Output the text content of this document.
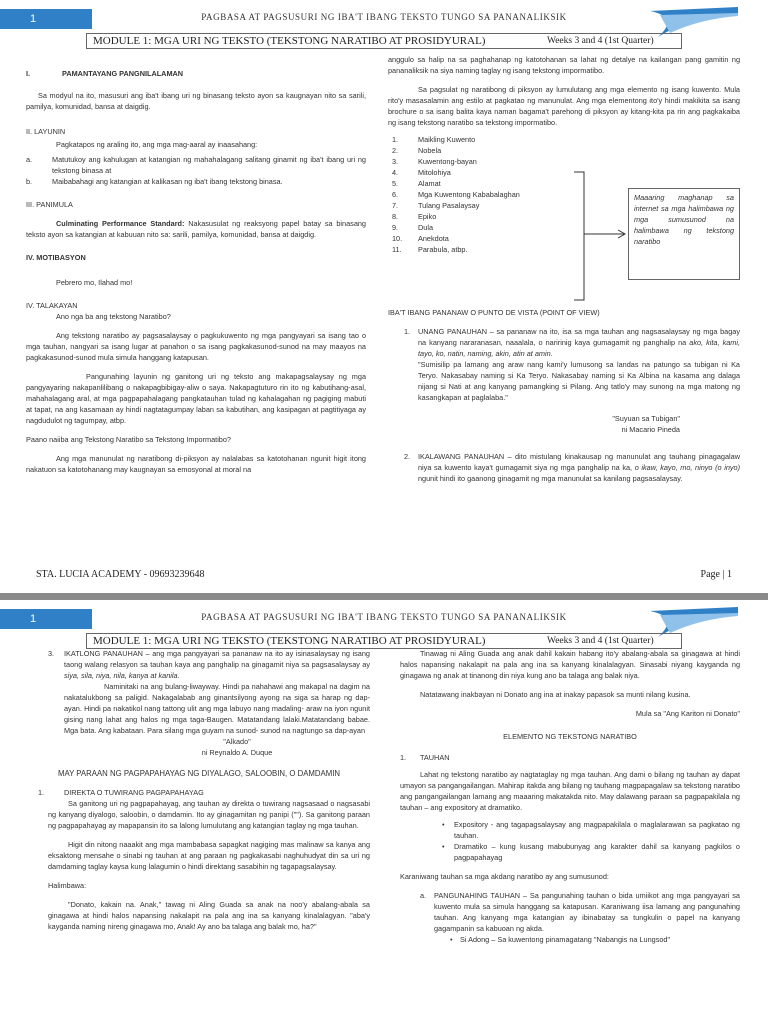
1	PAGBASA AT PAGSUSURI NG IBA'T IBANG TEKSTO TUNGO SA PANANALIKSIK
MODULE 1: MGA URI NG TEKSTO (TEKSTONG NARATIBO AT PROSIDYURAL)	Weeks 3 and 4 (1st Quarter)
I.	PAMANTAYANG PANGNILALAMAN

Sa modyul na ito, masusuri ang iba't ibang uri ng binasang teksto ayon sa kaugnayan nito sa sarili, pamilya, komunidad, bansa at daigdig.

II. LAYUNIN

Pagkatapos ng araling ito, ang mga mag-aaral ay inaasahang:

a.	Matutukoy ang kahulugan at katangian ng mahahalagang salitang ginamit ng iba't ibang uri ng tekstong binasa at

b.	Maibabahagi ang katangian at kalikasan ng iba't ibang tekstong binasa.

III. PANIMULA

Culminating Performance Standard: Nakasusulat ng reaksyong papel batay sa binasang teksto ayon sa katangian at kabuuan nito sa: sarili, pamilya, komunidad, bansa at daigdig.

IV. MOTIBASYON

Pebrero mo, Ilahad mo!

IV. TALAKAYAN

Ano nga ba ang tekstong Naratibo?

Ang tekstong naratibo ay pagsasalaysay o pagkukuwento ng mga pangyayari sa isang tao o mga tauhan, nangyari sa isang lugar at panahon o sa isang pagkakasunod-sunod na may maayos na pagkakasunod-sunod mula simula hanggang katapusan.

Pangunahing layunin ng ganitong uri ng teksto ang makapagsalaysay ng mga pangyayaring nakapanlilibang o nakapagbibigay-aliw o saya. Nakapagtuturo rin ito ng kabutihang-asal, mahahalagang aral, at mga pagpapahalagang pangkatauhan tulad ng kahalagahan ng pagiging mabuti at tapat, na ang kasamaan ay hindi nagtatagumpay laban sa kabutihan, ang kasipagan at pagtitiyaga ay nagdudulot ng tagumpay, atbp.

Paano naiiba ang Tekstong Naratibo sa Tekstong Impormatibo?

Ang mga manunulat ng naratibong di-piksyon ay nalalabas sa katotohanan ngunit higit itong nakatuon sa katotohanang may kaugnayan sa emosyonal at moral na

anggulo sa halip na sa paghahanap ng katotohanan sa lahat ng detalye na kailangan pang gamitin ng pananaliksik na siya naming taglay ng isang tekstong impormatibo.

Sa pagsulat ng naratibong di piksyon ay lumulutang ang mga elemento ng isang kuwento. Mula rito'y masasalamin ang estilo at pagkatao ng manunulat. Ang mga elementong ito'y hindi makikita sa isang brochure o sa isang balita kaya naman bagama't parehong di piksyon ay kitang-kita pa rin ang pagkakaiba ng isang tekstong naratibo sa tekstong impormatibo.

1.	Maikling Kuwento
2.	Nobela
3.	Kuwentong-bayan
4.	Mitolohiya
5.	Alamat
6.	Mga Kuwentong Kababalaghan
7.	Tulang Pasalaysay
8.	Epiko
9.	Dula
10. Anekdota
11. Parabula, atbp.
Maaaring maghanap sa internet sa mga halimbawa ng mga sumusunod na halimbawa ng tekstong naratibo

IBA'T IBANG PANANAW O PUNTO DE VISTA (POINT OF VIEW)

1. UNANG PANAUHAN – sa pananaw na ito, isa sa mga tauhan ang nagsasalaysay ng mga bagay na kanyang nararanasan, naaalala, o naririnig kaya gumagamit ng panghalip na ako, kita, kami, tayo, ko, natin, naming, akin, atin at amin.

"Sumisilip pa lamang ang araw nang kami'y lumusong sa landas na patungo sa tubigan ni Ka Teryo. Nakasabay naming si Ka Teryo. Nakasabay naming si Ka Albina na kasama ang dalaga nijang si Nati at ang kanyang pamangking si Pilang. Ang tatlo'y may sunong na mga matong ng kasangkapan at paglalaba."

"Suyuan sa Tubigan"

ni Macario Pineda

2. IKALAWANG PANAUHAN – dito mistulang kinakausap ng manunulat ang tauhang pinagagalaw niya sa kuwento kaya't gumagamit siya ng mga panghalip na ka, o ikaw, kayo, mo, ninyo (o inyo) ngunit hindi ito gaanong ginagamit ng mga manunulat sa kanilang pagsasalaysay.

STA. LUCIA ACADEMY - 09693239648	Page | 1
1	PAGBASA AT PAGSUSURI NG IBA'T IBANG TEKSTO TUNGO SA PANANALIKSIK
MODULE 1: MGA URI NG TEKSTO (TEKSTONG NARATIBO AT PROSIDYURAL)	Weeks 3 and 4 (1st Quarter)
3. IKATLONG PANAUHAN – ang mga pangyayari sa pananaw na ito ay isinasalaysay ng isang taong walang relasyon sa tauhan kaya ang panghalip na ginagamit niya sa pagsasalaysay ay siya, sila, niya, nila, kanya at kanila.

Naminitaki na ang bulang-liwayway. Hindi pa nahahawi ang makapal na dagim na nakatalukbong sa paligid. Nakagalabab ang ginantsilyong ayong na siga sa harap ng dap-ayan. Hindi pa nakatikol nang tattong ulit ang mga labuyo nang madaling- araw na iyon ngunit gising nang lahat ang halos ng mga taga-Baugen. Matatandang lalaki.Matatandang babae. Mga bata. Ang kabataan. Para silang mga guyam na sunod- sunod na nagtungo sa dap-ayan

"Alkado"

ni Reynaldo A. Duque

MAY PARAAN NG PAGPAPAHAYAG NG DIYALAGO, SALOOBIN, O DAMDAMIN

1.	DIREKTA O TUWIRANG PAGPAPAHAYAG

Sa ganitong uri ng pagpapahayag, ang tauhan ay direkta o tuwirang nagsasaad o nagsasabi ng kanyang diyalogo, saloobin, o damdamin. Ito ay ginagamitan ng panipi (""). Sa ganitong paraan ng pagpapahayag ay mapapansin ito sa lalong lumulutang ang katangian taglay ng mga tauhan.

Higit din nitong naaakit ang mga mambabasa sapagkat nagiging mas malinaw sa kanya ang eksaktong mensahe o sinabi ng tauhan at ang paraan ng pagkakasabi naghuhudyat din sa uri ng damdaming taglay kaysa kung lalagumin o hindi direktang sasabihin ng tagapagsalaysay.

Halimbawa:

"Donato, kakain na. Anak," tawag ni Aling Guada sa anak na noo'y abalang-abala sa ginagawa at hindi halos napansing nakalapit na pala ang ina sa kanyang kinalalagyan. "aba'y kayganda naming nireng ginagawa mo, Anak! Ay ano ba talaga ang balak mo, ha?"

Tinawag ni Aling Guada ang anak dahil kakain habang ito'y abalang-abala sa ginagawa at hindi halos napansing nakalapit na pala ang ina sa kanyang kinalalagyan. Sinasabi niyang kayganda ng ginagawa ng anak at tinanong din niya kung ano ba talaga ang balak niya.

Natatawang inakbayan ni Donato ang ina at inakay papasok sa munti nilang kusina.

Mula sa "Ang Kariton ni Donato"

ELEMENTO NG TEKSTONG NARATIBO

1. TAUHAN

Lahat ng tekstong naratibo ay nagtataglay ng mga tauhan. Ang dami o bilang ng tauhan ay dapat umayon sa pangangailangan. Mahirap itakda ang bilang ng tauhang magpapagalaw sa tekstong naratibo ang pangangailangan lamang ang maaaring makatakda nito. May dalawang paraan sa pagpapakilala ng tauhan – ang expository at dramatiko.

• Expository - ang tagapagsalaysay ang magpapakilala o maglalarawan sa pagkatao ng tauhan.

• Dramatiko – kung kusang mabubunyag ang karakter dahil sa kanyang pagkilos o pagpapahayag

Karaniwang tauhan sa mga akdang naratibo ay ang sumusunod:

a. PANGUNAHING TAUHAN – Sa pangunahing tauhan o bida umiikot ang mga pangyayari sa kuwento mula sa simula hanggang sa katapusan. Karaniwang iisa lamang ang pangunahing tauhan. Ang kanyang mga katangian ay ibinabatay sa tungkulin o papel na kanyang gagampanin sa kabuoan ng akda.

• Si Adong – Sa kuwentong pinamagatang "Nabangis na Lungsod"
